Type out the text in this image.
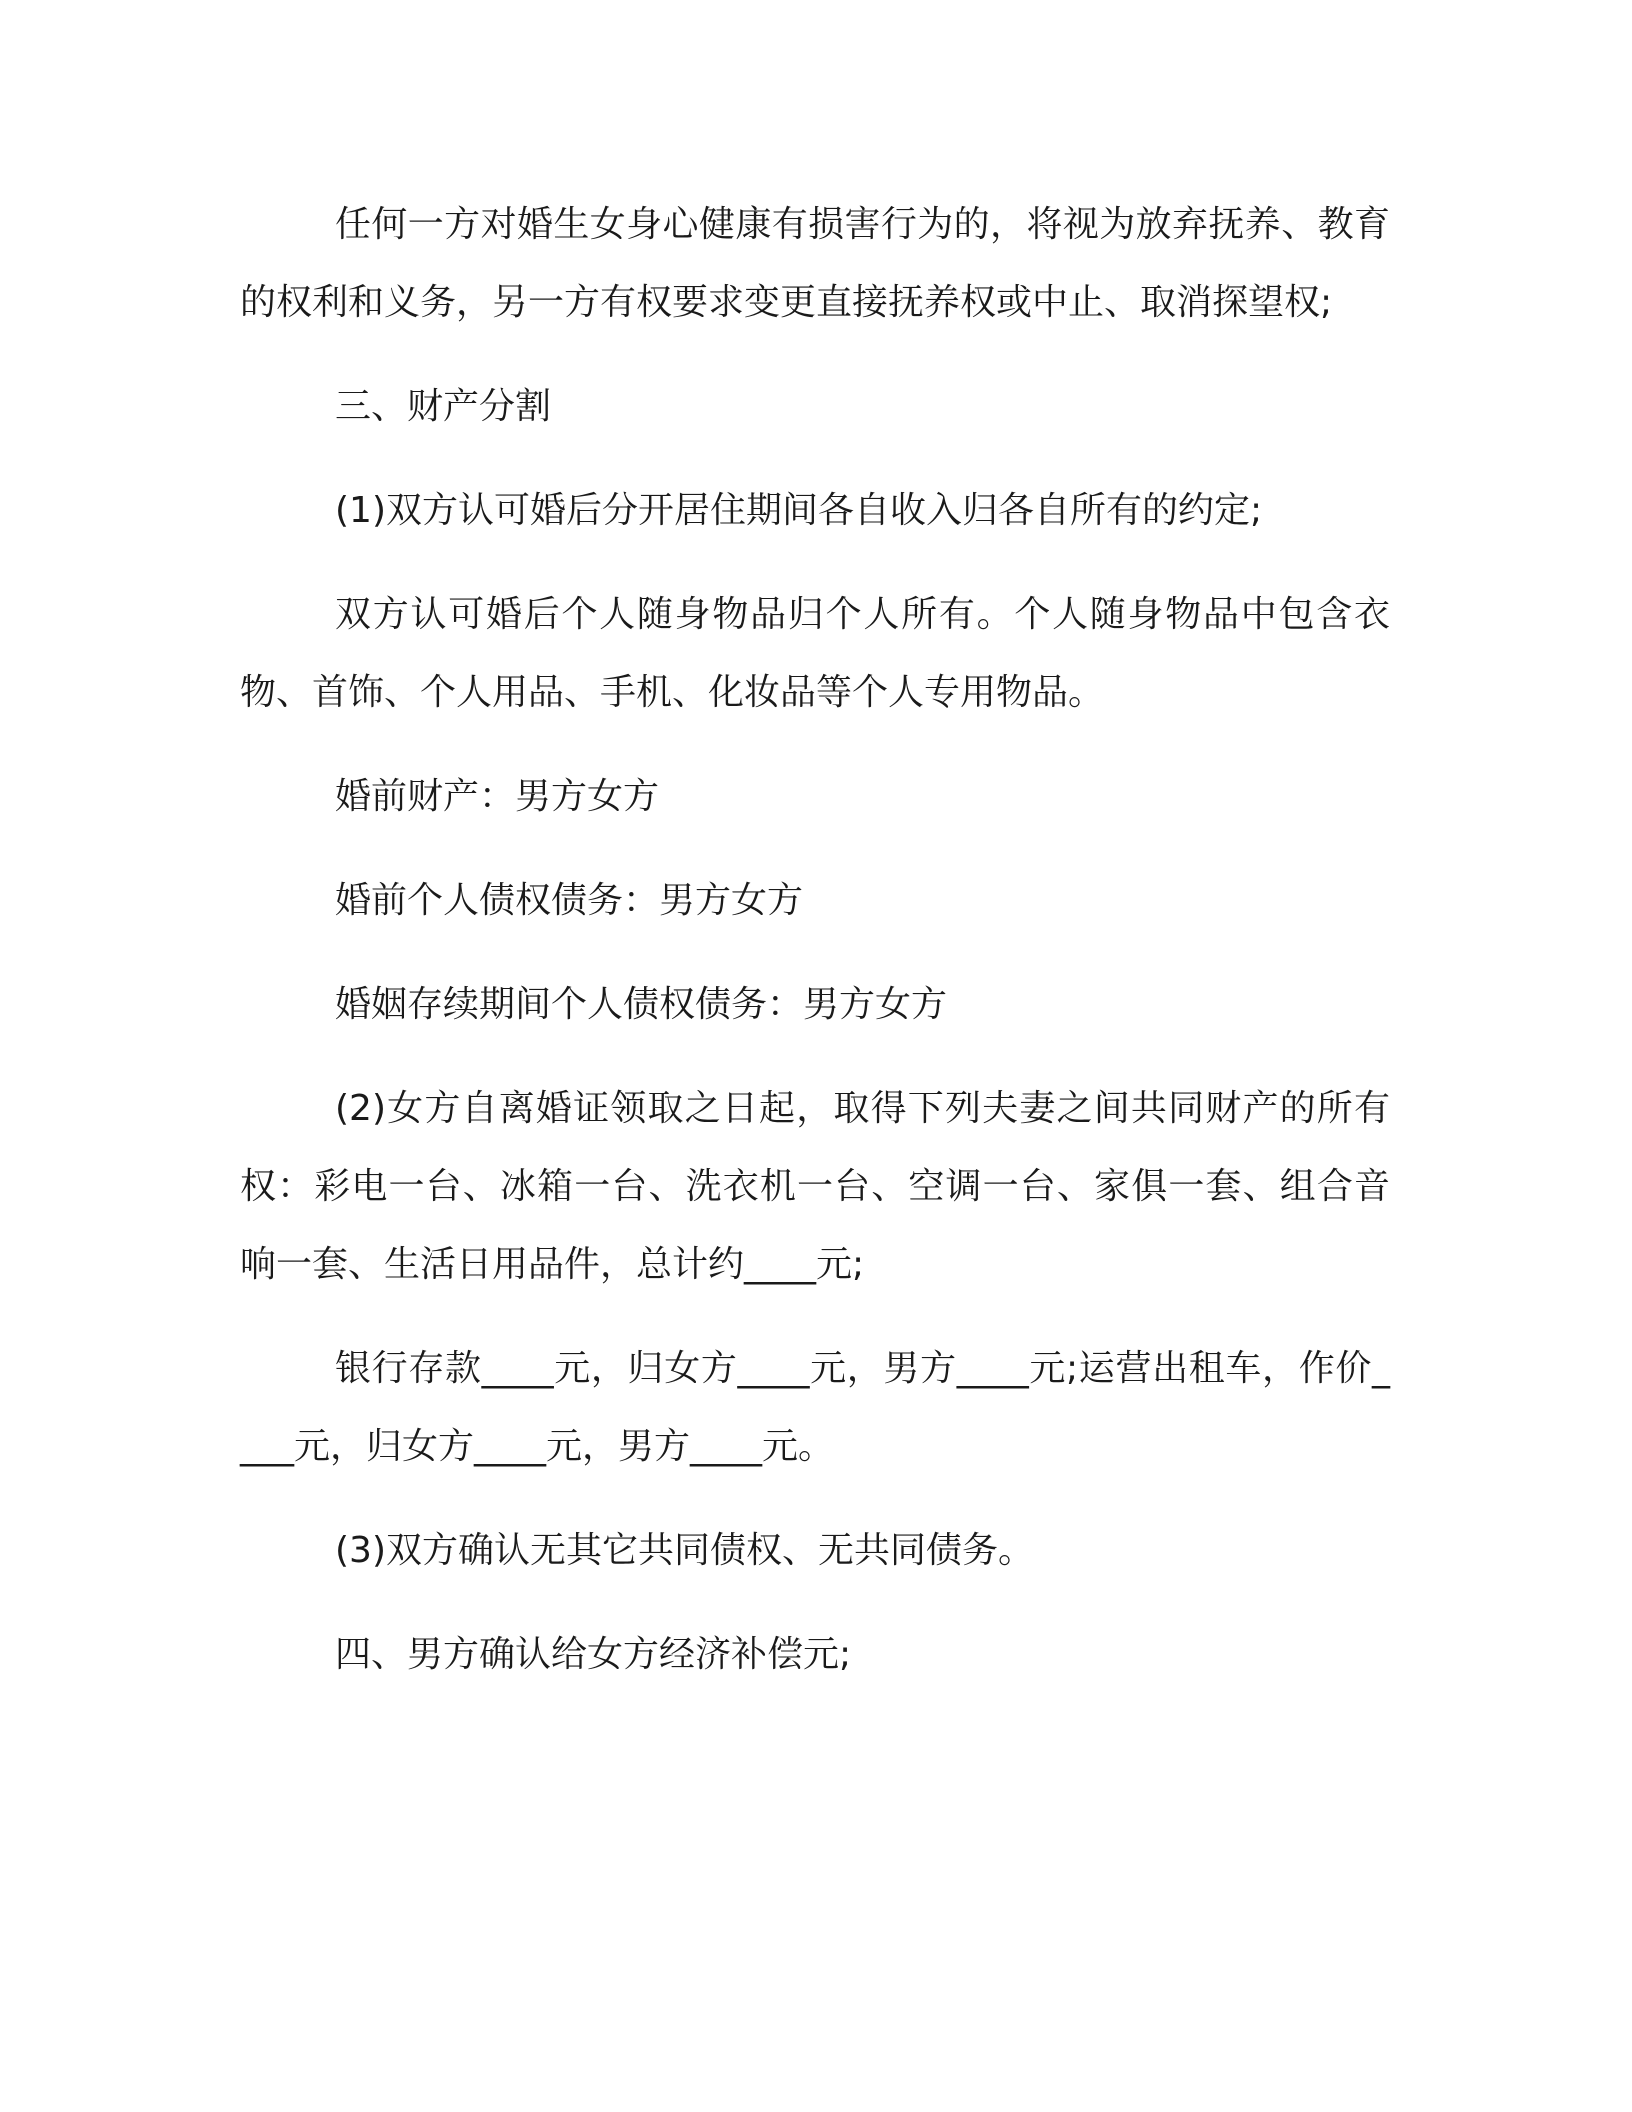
任何一方对婚生女身心健康有损害行为的，将视为放弃抚养、教育的权利和义务，另一方有权要求变更直接抚养权或中止、取消探望权;

三、财产分割

(1)双方认可婚后分开居住期间各自收入归各自所有的约定;

双方认可婚后个人随身物品归个人所有。个人随身物品中包含衣物、首饰、个人用品、手机、化妆品等个人专用物品。

婚前财产：男方女方

婚前个人债权债务：男方女方

婚姻存续期间个人债权债务：男方女方

(2)女方自离婚证领取之日起，取得下列夫妻之间共同财产的所有权：彩电一台、冰箱一台、洗衣机一台、空调一台、家俱一套、组合音响一套、生活日用品件，总计约____元;

银行存款____元，归女方____元，男方____元;运营出租车，作价____元，归女方____元，男方____元。

(3)双方确认无其它共同债权、无共同债务。

四、男方确认给女方经济补偿元;
